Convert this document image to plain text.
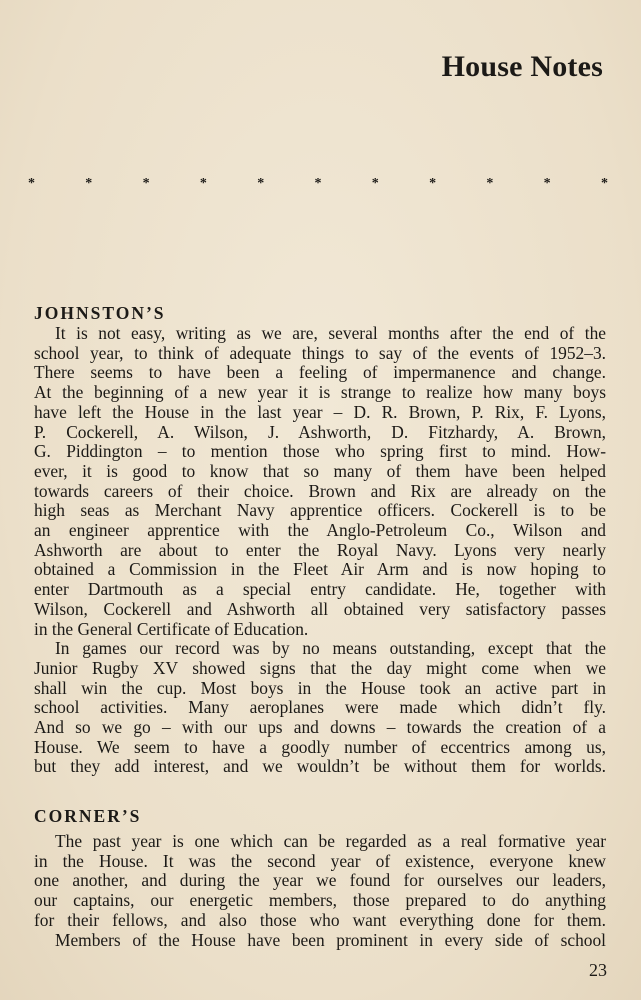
House Notes
*	*	*	*	*	*	*	*	*	*	*
JOHNSTON’S
It is not easy, writing as we are, several months after the end of the
school year, to think of adequate things to say of the events of 1952–3.
There seems to have been a feeling of impermanence and change.
At the beginning of a new year it is strange to realize how many boys
have left the House in the last year – D. R. Brown, P. Rix, F. Lyons,
P. Cockerell, A. Wilson, J. Ashworth, D. Fitzhardy, A. Brown,
G. Piddington – to mention those who spring first to mind. How-
ever, it is good to know that so many of them have been helped
towards careers of their choice. Brown and Rix are already on the
high seas as Merchant Navy apprentice officers. Cockerell is to be
an engineer apprentice with the Anglo-Petroleum Co., Wilson and
Ashworth are about to enter the Royal Navy. Lyons very nearly
obtained a Commission in the Fleet Air Arm and is now hoping to
enter Dartmouth as a special entry candidate. He, together with
Wilson, Cockerell and Ashworth all obtained very satisfactory passes
in the General Certificate of Education.
In games our record was by no means outstanding, except that the
Junior Rugby XV showed signs that the day might come when we
shall win the cup. Most boys in the House took an active part in
school activities. Many aeroplanes were made which didn’t fly.
And so we go – with our ups and downs – towards the creation of a
House. We seem to have a goodly number of eccentrics among us,
but they add interest, and we wouldn’t be without them for worlds.
CORNER’S
The past year is one which can be regarded as a real formative year
in the House. It was the second year of existence, everyone knew
one another, and during the year we found for ourselves our leaders,
our captains, our energetic members, those prepared to do anything
for their fellows, and also those who want everything done for them.
Members of the House have been prominent in every side of school
23
